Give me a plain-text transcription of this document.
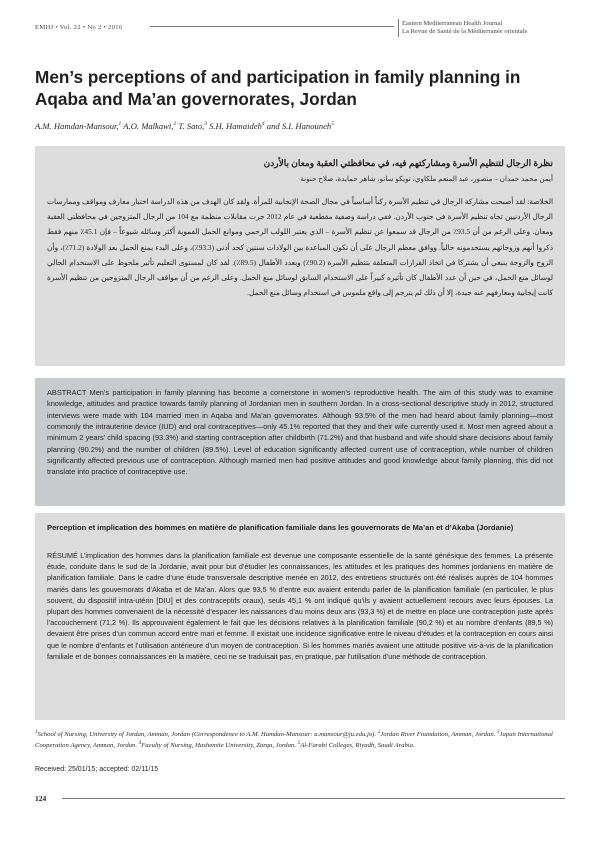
EMHJ • Vol. 22 • No 2 • 2016
Eastern Mediterranean Health Journal
La Revue de Santé de la Méditerranée orientale
Men’s perceptions of and participation in family planning in Aqaba and Ma’an governorates, Jordan
A.M. Hamdan-Mansour,$^1$ A.O. Malkawi,$^2$ T. Sato,$^3$ S.H. Hamaideh$^4$ and S.I. Hanouneh$^5$
نظرة الرجال لتنظيم الأسرة ومشاركتهم فيه، في محافظتي العقبة ومعان بالأردن
أيمن محمد حمدان – منصور، عبد المنعم ملكاوي، تويكو ساتو، شاهر حمايدة، صلاح حنونة
الخلاصة: لقد أصبحت مشاركة الرجال في تنظيم الأسرة ركناً أساسياً في مجال الصحة الإنجابية للمرأة. ولقد كان الهدف من هذه الدراسة اختبار معارف ومواقف وممارسات الرجال الأردنيين تجاه تنظيم الأسرة في جنوب الأردن. ففي دراسة وصفية مقطعية في عام 2012 جرت مقابلات منظمة مع 104 من الرجال المتزوجين في محافظتي العقبة ومعان. وعلى الرغم من أن 93.5٪ من الرجال قد سمعوا عن تنظيم الأسرة – الذي يعتبر اللولب الرحمي وموانع الحمل الفموية أكثر وسائله شيوعاً – فإن 45.1٪ منهم فقط ذكروا أنهم وزوجاتهم يستخدمونه حالياً. ووافق معظم الرجال على أن تكون المباعدة بين الولادات سنتين كحد أدنى (93.3٪)، وعلى البدء بمنع الحمل بعد الولادة (71.2٪)، وأن الزوج والزوجة ينبغي أن يشتركا في اتخاذ القرارات المتعلقة بتنظيم الأسرة (90.2٪) وبعدد الأطفال (89.5٪). لقد كان لمستوى التعليم تأثير ملحوظ على الاستخدام الحالي لوسائل منع الحمل، في حين أن عدد الأطفال كان تأثيره كبيراً على الاستخدام السابق لوسائل منع الحمل. وعلى الرغم من أن مواقف الرجال المتزوجين من تنظيم الأسرة كانت إيجابية ومعارفهم عنه جيدة، إلا أن ذلك لم يترجم إلى واقع ملموس في استخدام وسائل منع الحمل.
ABSTRACT Men’s participation in family planning has become a cornerstone in women’s reproductive health. The aim of this study was to examine knowledge, attitudes and practice towards family planning of Jordanian men in southern Jordan. In a cross-sectional descriptive study in 2012, structured interviews were made with 104 married men in Aqaba and Ma’an governorates. Although 93.5% of the men had heard about family planning—most commonly the intrauterine device (IUD) and oral contraceptives—only 45.1% reported that they and their wife currently used it. Most men agreed about a minimum 2 years’ child spacing (93.3%) and starting contraception after childbirth (71.2%) and that husband and wife should share decisions about family planning (90.2%) and the number of children (89.5%). Level of education significantly affected current use of contraception, while number of children significantly affected previous use of contraception. Although married men had positive attitudes and good knowledge about family planning, this did not translate into practice of contraceptive use.
Perception et implication des hommes en matière de planification familiale dans les gouvernorats de Ma’an et d’Akaba (Jordanie)
RÉSUMÉ L’implication des hommes dans la planification familiale est devenue une composante essentielle de la santé génésique des femmes. La présente étude, conduite dans le sud de la Jordanie, avait pour but d’étudier les connaissances, les attitudes et les pratiques des hommes jordaniens en matière de planification familiale. Dans le cadre d’une étude transversale descriptive menée en 2012, des entretiens structurés ont été réalisés auprès de 104 hommes mariés dans les gouvernorats d’Akaba et de Ma’an. Alors que 93,5 % d’entre eux avaient entendu parler de la planification familiale (en particulier, le plus souvent, du dispositif intra-utérin [DIU] et des contraceptifs oraux), seuls 45,1 % ont indiqué qu’ils y avaient actuellement recours avec leurs épouses. La plupart des hommes convenaient de la nécessité d’espacer les naissances d’au moins deux ans (93,3 %) et de mettre en place une contraception juste après l’accouchement (71,2 %). Ils approuvaient également le fait que les décisions relatives à la planification familiale (90,2 %) et au nombre d’enfants (89,5 %) devaient être prises d’un commun accord entre mari et femme. Il existait une incidence significative entre le niveau d’études et la contraception en cours ainsi que le nombre d’enfants et l’utilisation antérieure d’un moyen de contraception. Si les hommes mariés avaient une attitude positive vis-à-vis de la planification familiale et de bonnes connaissances en la matière, ceci ne se traduisait pas, en pratique, par l’utilisation d’une méthode de contraception.
$^1$School of Nursing, University of Jordan, Amman, Jordan (Correspondence to A.M. Hamdan-Mansour: a.mansour@ju.edu.jo). $^2$Jordan River Foundation, Amman, Jordan. $^3$Japan International Cooperation Agency, Amman, Jordan. $^4$Faculty of Nursing, Hashemite University, Zarqa, Jordan. $^5$Al-Farabi Colleges, Riyadh, Saudi Arabia.
Received: 25/01/15; accepted: 02/11/15
124
